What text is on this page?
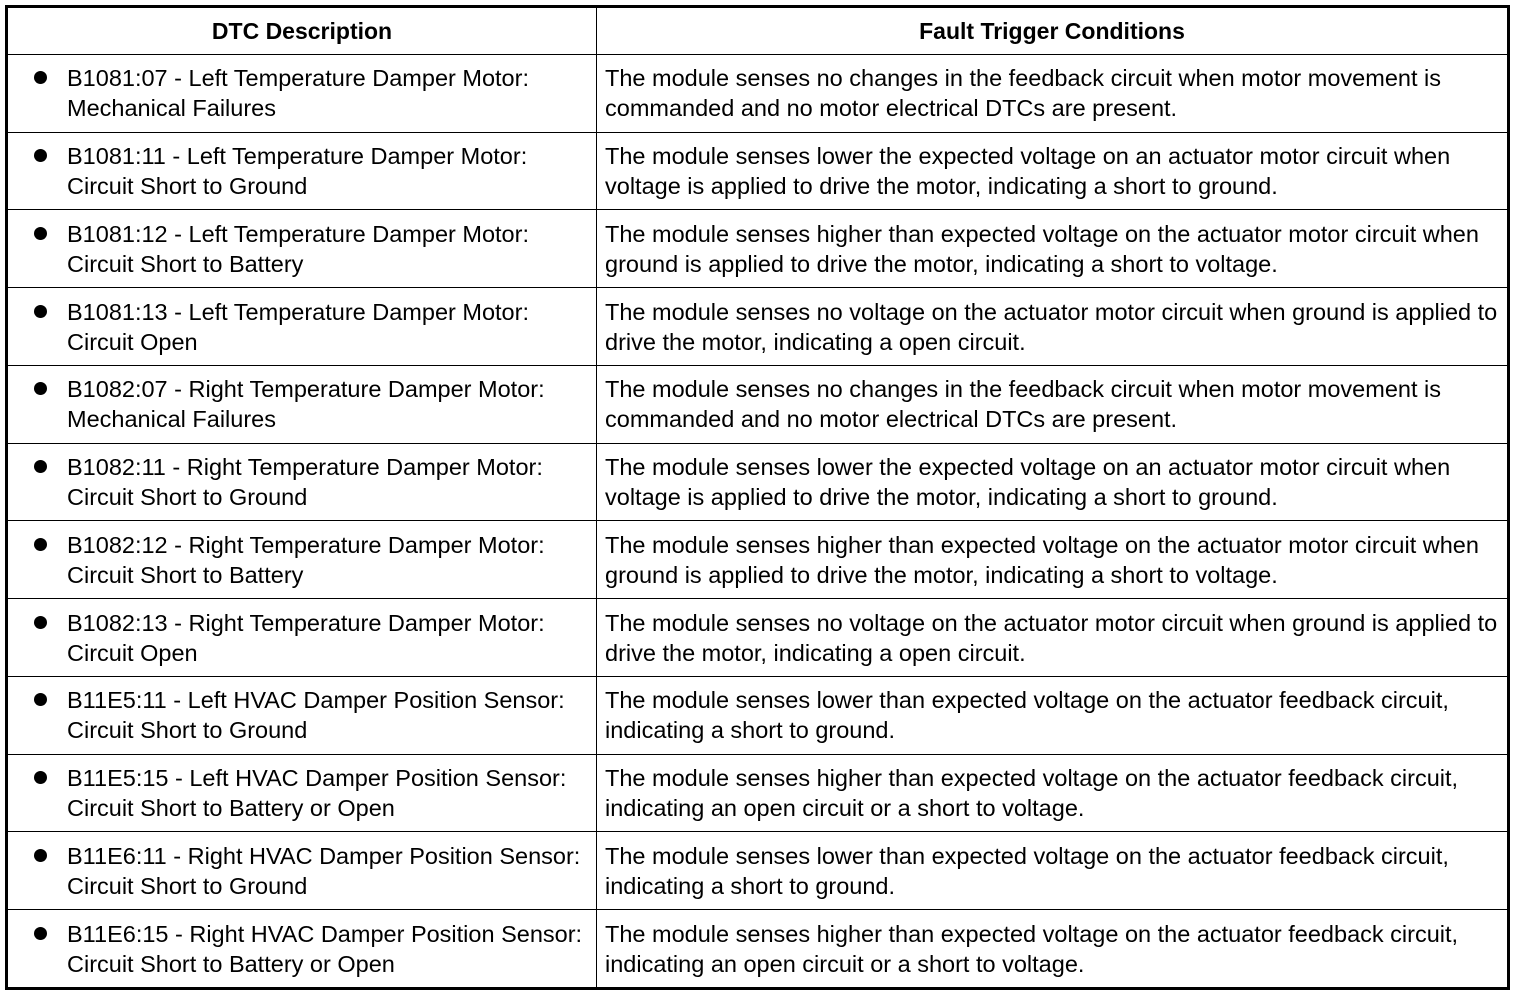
DTC Description	Fault Trigger Conditions

B1081:07 - Left Temperature Damper Motor: Mechanical Failures	The module senses no changes in the feedback circuit when motor movement is commanded and no motor electrical DTCs are present.

B1081:11 - Left Temperature Damper Motor: Circuit Short to Ground	The module senses lower the expected voltage on an actuator motor circuit when voltage is applied to drive the motor, indicating a short to ground.

B1081:12 - Left Temperature Damper Motor: Circuit Short to Battery	The module senses higher than expected voltage on the actuator motor circuit when ground is applied to drive the motor, indicating a short to voltage.

B1081:13 - Left Temperature Damper Motor: Circuit Open	The module senses no voltage on the actuator motor circuit when ground is applied to drive the motor, indicating a open circuit.

B1082:07 - Right Temperature Damper Motor: Mechanical Failures	The module senses no changes in the feedback circuit when motor movement is commanded and no motor electrical DTCs are present.

B1082:11 - Right Temperature Damper Motor: Circuit Short to Ground	The module senses lower the expected voltage on an actuator motor circuit when voltage is applied to drive the motor, indicating a short to ground.

B1082:12 - Right Temperature Damper Motor: Circuit Short to Battery	The module senses higher than expected voltage on the actuator motor circuit when ground is applied to drive the motor, indicating a short to voltage.

B1082:13 - Right Temperature Damper Motor: Circuit Open	The module senses no voltage on the actuator motor circuit when ground is applied to drive the motor, indicating a open circuit.

B11E5:11 - Left HVAC Damper Position Sensor: Circuit Short to Ground	The module senses lower than expected voltage on the actuator feedback circuit, indicating a short to ground.

B11E5:15 - Left HVAC Damper Position Sensor: Circuit Short to Battery or Open	The module senses higher than expected voltage on the actuator feedback circuit, indicating an open circuit or a short to voltage.

B11E6:11 - Right HVAC Damper Position Sensor: Circuit Short to Ground	The module senses lower than expected voltage on the actuator feedback circuit, indicating a short to ground.

B11E6:15 - Right HVAC Damper Position Sensor: Circuit Short to Battery or Open	The module senses higher than expected voltage on the actuator feedback circuit, indicating an open circuit or a short to voltage.
